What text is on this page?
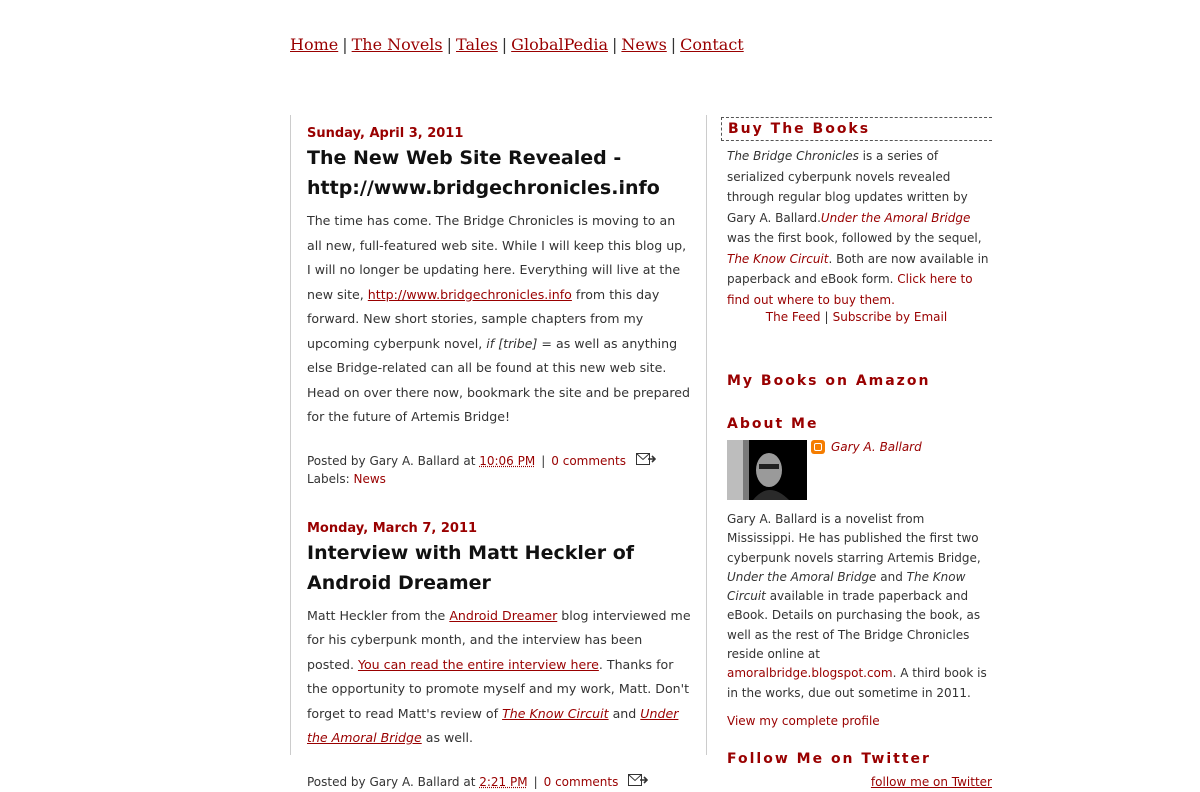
Home | The Novels | Tales | GlobalPedia | News | Contact
Sunday, April 3, 2011
The New Web Site Revealed - http://www.bridgechronicles.info
The time has come. The Bridge Chronicles is moving to an all new, full-featured web site. While I will keep this blog up, I will no longer be updating here. Everything will live at the new site, http://www.bridgechronicles.info from this day forward. New short stories, sample chapters from my upcoming cyberpunk novel, if [tribe] = as well as anything else Bridge-related can all be found at this new web site. Head on over there now, bookmark the site and be prepared for the future of Artemis Bridge!
Posted by Gary A. Ballard at 10:06 PM | 0 comments
Labels: News
Monday, March 7, 2011
Interview with Matt Heckler of Android Dreamer
Matt Heckler from the Android Dreamer blog interviewed me for his cyberpunk month, and the interview has been posted. You can read the entire interview here. Thanks for the opportunity to promote myself and my work, Matt. Don't forget to read Matt's review of The Know Circuit and Under the Amoral Bridge as well.
Posted by Gary A. Ballard at 2:21 PM | 0 comments
Buy The Books
The Bridge Chronicles is a series of serialized cyberpunk novels revealed through regular blog updates written by Gary A. Ballard.Under the Amoral Bridge was the first book, followed by the sequel, The Know Circuit. Both are now available in paperback and eBook form. Click here to find out where to buy them.
The Feed | Subscribe by Email
My Books on Amazon
About Me
Gary A. Ballard
Gary A. Ballard is a novelist from Mississippi. He has published the first two cyberpunk novels starring Artemis Bridge, Under the Amoral Bridge and The Know Circuit available in trade paperback and eBook. Details on purchasing the book, as well as the rest of The Bridge Chronicles reside online at amoralbridge.blogspot.com. A third book is in the works, due out sometime in 2011.
View my complete profile
Follow Me on Twitter
follow me on Twitter
